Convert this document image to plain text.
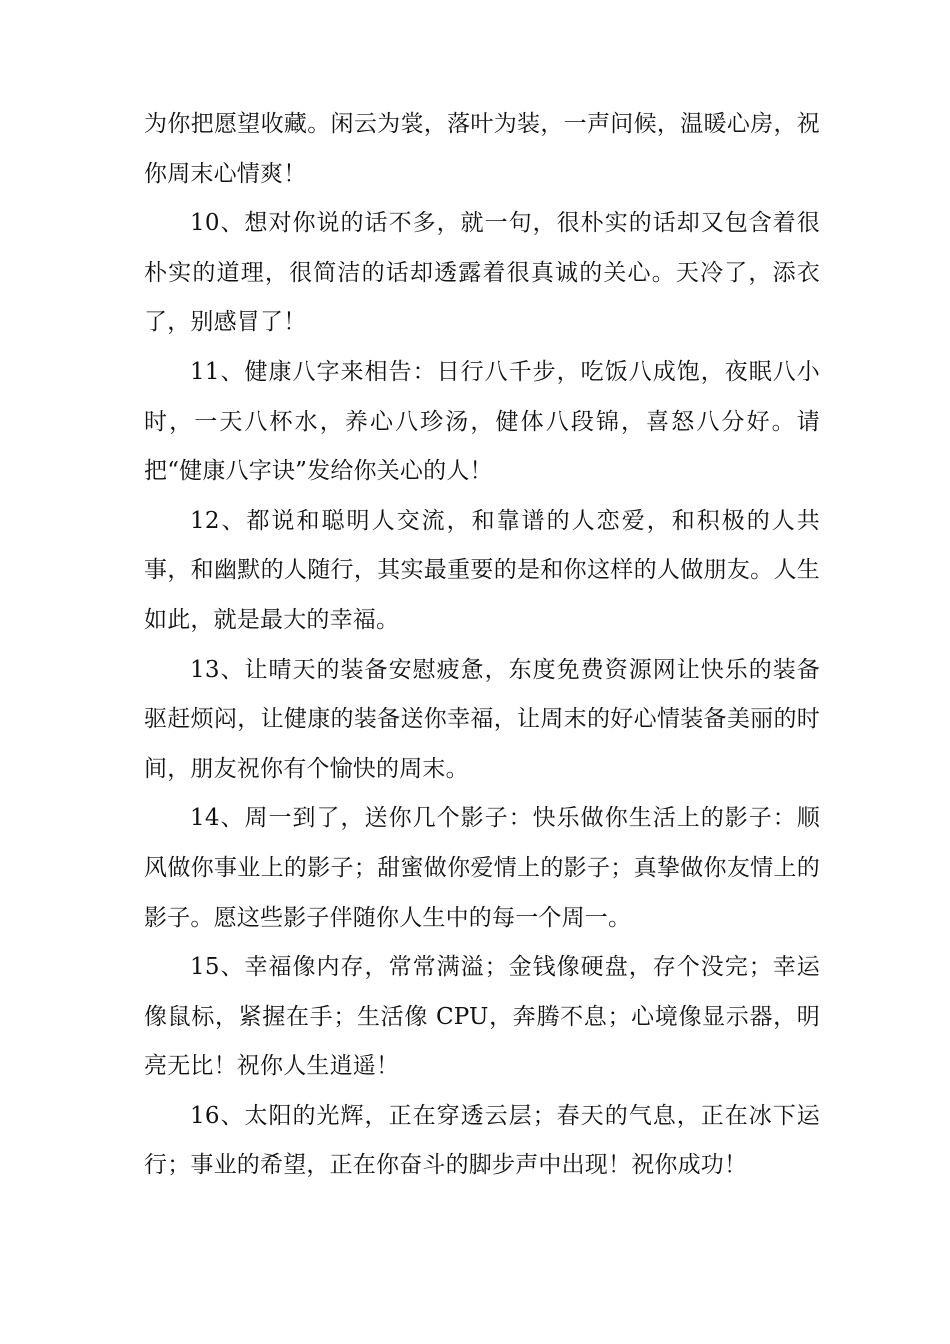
为你把愿望收藏。闲云为裳，落叶为装，一声问候，温暖心房，祝你周末心情爽！

10、想对你说的话不多，就一句，很朴实的话却又包含着很朴实的道理，很简洁的话却透露着很真诚的关心。天冷了，添衣了，别感冒了！

11、健康八字来相告：日行八千步，吃饭八成饱，夜眠八小时，一天八杯水，养心八珍汤，健体八段锦，喜怒八分好。请把“健康八字诀”发给你关心的人！

12、都说和聪明人交流，和靠谱的人恋爱，和积极的人共事，和幽默的人随行，其实最重要的是和你这样的人做朋友。人生如此，就是最大的幸福。

13、让晴天的装备安慰疲惫，东度免费资源网让快乐的装备驱赶烦闷，让健康的装备送你幸福，让周末的好心情装备美丽的时间，朋友祝你有个愉快的周末。

14、周一到了，送你几个影子：快乐做你生活上的影子：顺风做你事业上的影子；甜蜜做你爱情上的影子；真挚做你友情上的影子。愿这些影子伴随你人生中的每一个周一。

15、幸福像内存，常常满溢；金钱像硬盘，存个没完；幸运像鼠标，紧握在手；生活像 CPU，奔腾不息；心境像显示器，明亮无比！祝你人生逍遥！

16、太阳的光辉，正在穿透云层；春天的气息，正在冰下运行；事业的希望，正在你奋斗的脚步声中出现！祝你成功！
